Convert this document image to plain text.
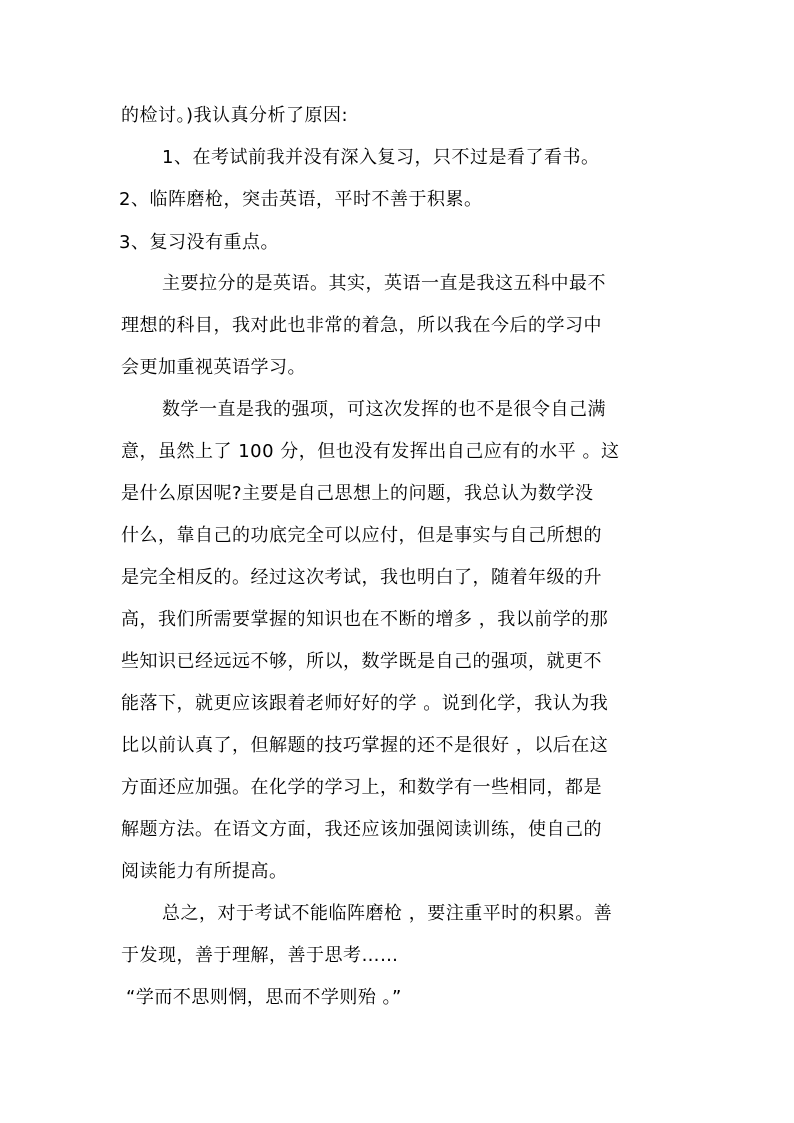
的检讨。)我认真分析了原因:
1、在考试前我并没有深入复习，只不过是看了看书。
2、临阵磨枪，突击英语，平时不善于积累。
3、复习没有重点。
主要拉分的是英语。其实，英语一直是我这五科中最不
理想的科目，我对此也非常的着急，所以我在今后的学习中
会更加重视英语学习。
数学一直是我的强项，可这次发挥的也不是很令自己满
意，虽然上了 100 分，但也没有发挥出自己应有的水平 。这
是什么原因呢?主要是自己思想上的问题，我总认为数学没
什么，靠自己的功底完全可以应付，但是事实与自己所想的
是完全相反的。经过这次考试，我也明白了，随着年级的升
高，我们所需要掌握的知识也在不断的增多 ，我以前学的那
些知识已经远远不够，所以，数学既是自己的强项，就更不
能落下，就更应该跟着老师好好的学 。说到化学，我认为我
比以前认真了，但解题的技巧掌握的还不是很好 ，以后在这
方面还应加强。在化学的学习上，和数学有一些相同，都是
解题方法。在语文方面，我还应该加强阅读训练，使自己的
阅读能力有所提高。
总之，对于考试不能临阵磨枪 ，要注重平时的积累。善
于发现，善于理解，善于思考……
“学而不思则惘，思而不学则殆 。”
